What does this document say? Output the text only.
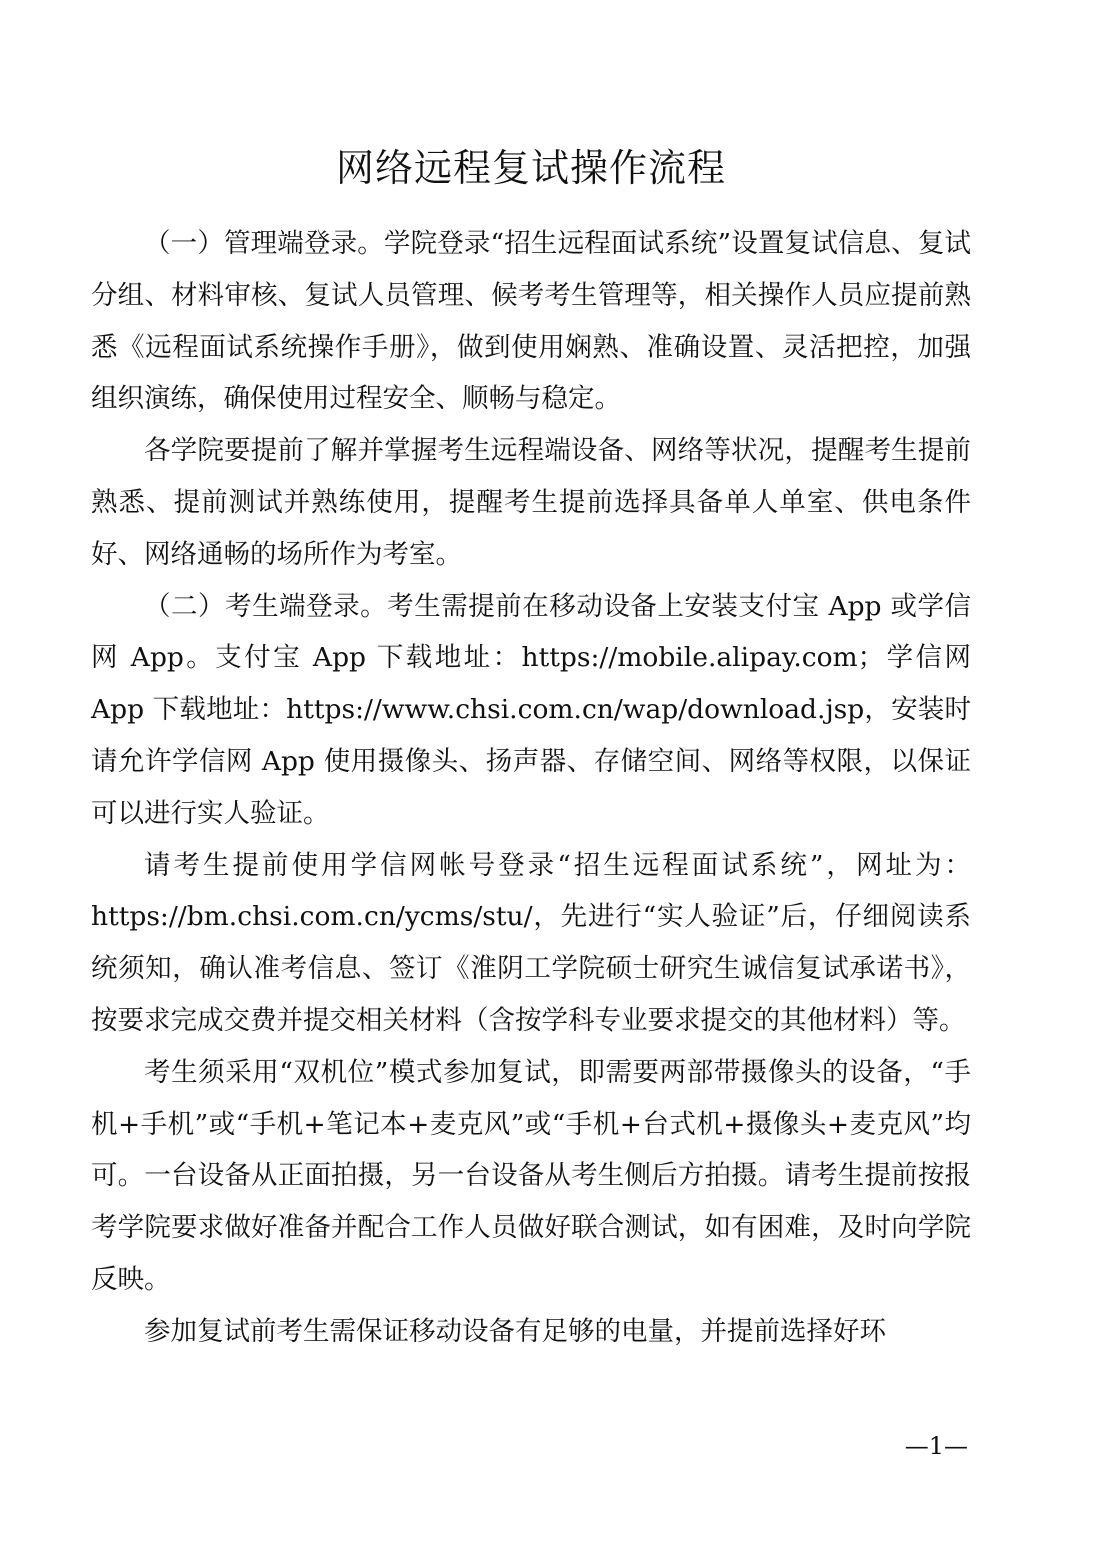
网络远程复试操作流程

（一）管理端登录。学院登录“招生远程面试系统”设置复试信息、复试分组、材料审核、复试人员管理、候考考生管理等，相关操作人员应提前熟悉《远程面试系统操作手册》，做到使用娴熟、准确设置、灵活把控，加强组织演练，确保使用过程安全、顺畅与稳定。

各学院要提前了解并掌握考生远程端设备、网络等状况，提醒考生提前熟悉、提前测试并熟练使用，提醒考生提前选择具备单人单室、供电条件好、网络通畅的场所作为考室。

（二）考生端登录。考生需提前在移动设备上安装支付宝 App 或学信网 App。支付宝 App 下载地址：https://mobile.alipay.com；学信网 App 下载地址：https://www.chsi.com.cn/wap/download.jsp，安装时请允许学信网 App 使用摄像头、扬声器、存储空间、网络等权限，以保证可以进行实人验证。

请考生提前使用学信网帐号登录“招生远程面试系统”，网址为：https://bm.chsi.com.cn/ycms/stu/，先进行“实人验证”后，仔细阅读系统须知，确认准考信息、签订《淮阴工学院硕士研究生诚信复试承诺书》，按要求完成交费并提交相关材料（含按学科专业要求提交的其他材料）等。

考生须采用“双机位”模式参加复试，即需要两部带摄像头的设备，“手机+手机”或“手机+笔记本+麦克风”或“手机+台式机+摄像头+麦克风”均可。一台设备从正面拍摄，另一台设备从考生侧后方拍摄。请考生提前按报考学院要求做好准备并配合工作人员做好联合测试，如有困难，及时向学院反映。

参加复试前考生需保证移动设备有足够的电量，并提前选择好环

—1—
